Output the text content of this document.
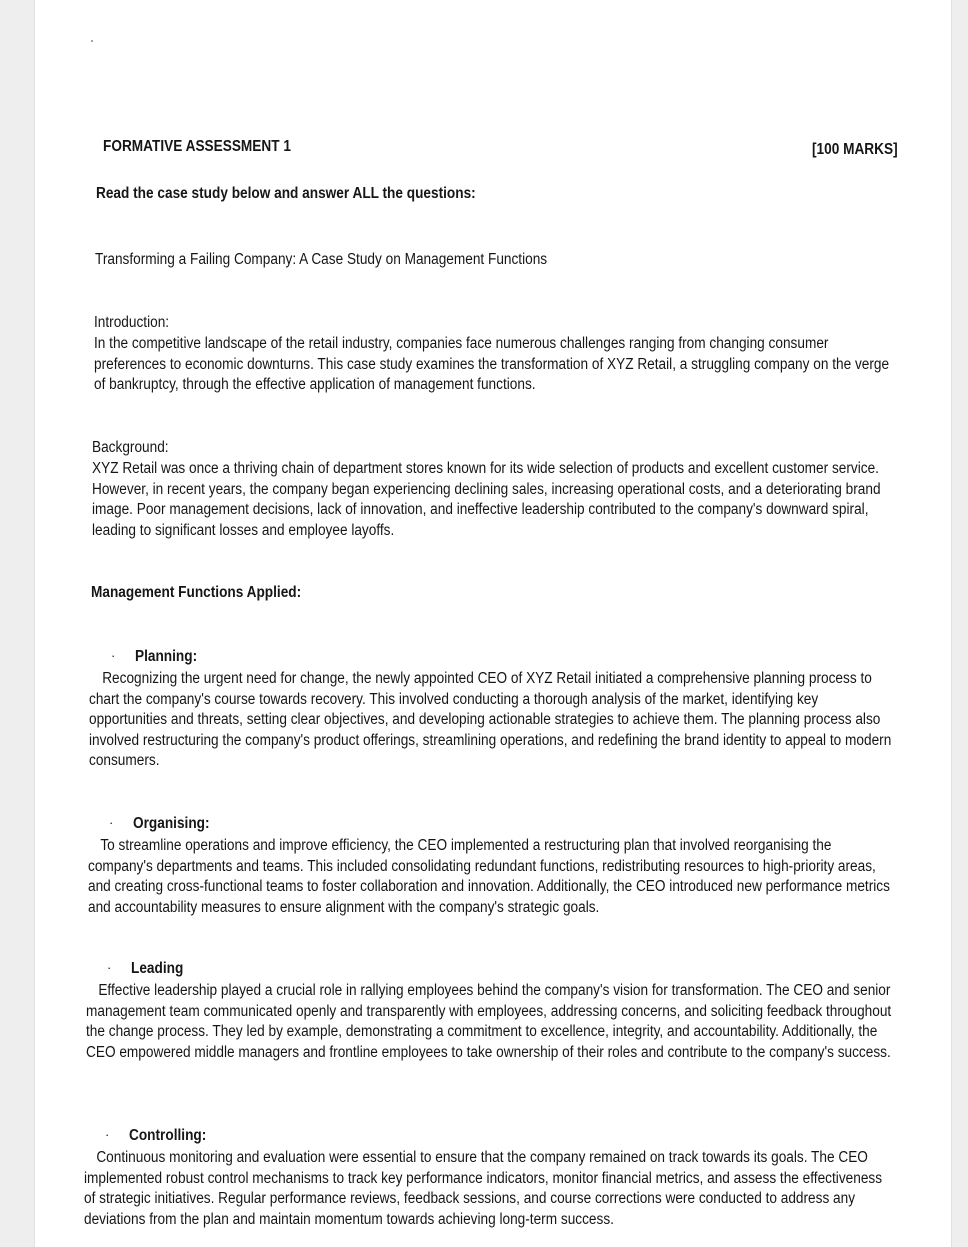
FORMATIVE ASSESSMENT 1	[100 MARKS]
Read the case study below and answer ALL the questions:
Transforming a Failing Company: A Case Study on Management Functions
Introduction:
In the competitive landscape of the retail industry, companies face numerous challenges ranging from changing consumer preferences to economic downturns. This case study examines the transformation of XYZ Retail, a struggling company on the verge of bankruptcy, through the effective application of management functions.
Background:
XYZ Retail was once a thriving chain of department stores known for its wide selection of products and excellent customer service. However, in recent years, the company began experiencing declining sales, increasing operational costs, and a deteriorating brand image. Poor management decisions, lack of innovation, and ineffective leadership contributed to the company's downward spiral, leading to significant losses and employee layoffs.
Management Functions Applied:
· Planning:
Recognizing the urgent need for change, the newly appointed CEO of XYZ Retail initiated a comprehensive planning process to chart the company's course towards recovery. This involved conducting a thorough analysis of the market, identifying key opportunities and threats, setting clear objectives, and developing actionable strategies to achieve them. The planning process also involved restructuring the company's product offerings, streamlining operations, and redefining the brand identity to appeal to modern consumers.
· Organising:
To streamline operations and improve efficiency, the CEO implemented a restructuring plan that involved reorganising the company's departments and teams. This included consolidating redundant functions, redistributing resources to high-priority areas, and creating cross-functional teams to foster collaboration and innovation. Additionally, the CEO introduced new performance metrics and accountability measures to ensure alignment with the company's strategic goals.
· Leading
Effective leadership played a crucial role in rallying employees behind the company's vision for transformation. The CEO and senior management team communicated openly and transparently with employees, addressing concerns, and soliciting feedback throughout the change process. They led by example, demonstrating a commitment to excellence, integrity, and accountability. Additionally, the CEO empowered middle managers and frontline employees to take ownership of their roles and contribute to the company's success.
· Controlling:
Continuous monitoring and evaluation were essential to ensure that the company remained on track towards its goals. The CEO implemented robust control mechanisms to track key performance indicators, monitor financial metrics, and assess the effectiveness of strategic initiatives. Regular performance reviews, feedback sessions, and course corrections were conducted to address any deviations from the plan and maintain momentum towards achieving long-term success.
